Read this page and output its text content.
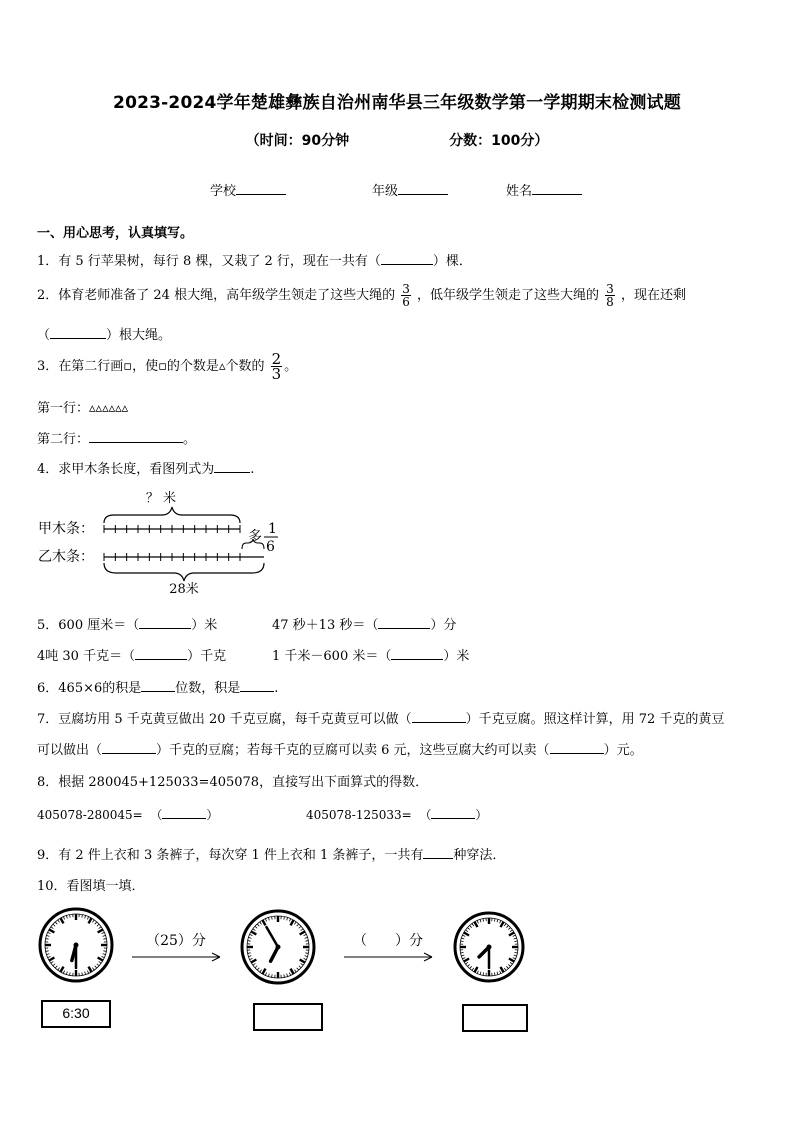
2023-2024学年楚雄彝族自治州南华县三年级数学第一学期期末检测试题
（时间：90分钟	分数：100分）
学校	年级	姓名
一、用心思考，认真填写。
1．有 5 行苹果树，每行 8 棵，又栽了 2 行，现在一共有（	）棵．
2．体育老师准备了 24 根大绳，高年级学生领走了这些大绳的 $\frac{3}{6}$ ，低年级学生领走了这些大绳的 $\frac{3}{8}$ ，现在还剩
（	）根大绳。
3．在第二行画▫，使▫的个数是▵个数的 $\frac{2}{3}$ 。
第一行：▵▵▵▵▵▵
第二行：	。
4．求甲木条长度，看图列式为	.
？ 米
甲木条：
乙木条：
多 1
6
28米
5．600 厘米＝（	）米	47 秒＋13 秒＝（	）分
4吨 30 千克＝（	）千克	1 千米－600 米＝（	）米
6．465×6的积是	位数，积是	.
7．豆腐坊用 5 千克黄豆做出 20 千克豆腐，每千克黄豆可以做（	）千克豆腐。照这样计算，用 72 千克的黄豆
可以做出（	）千克的豆腐；若每千克的豆腐可以卖 6 元，这些豆腐大约可以卖（	）元。
8．根据 280045+125033=405078，直接写出下面算式的得数．
405078-280045= （	）	405078-125033= （	）
9．有 2 件上衣和 3 条裤子，每次穿 1 件上衣和 1 条裤子，一共有 种穿法．
10．看图填一填．
（25）分	（　　）分
6:30
